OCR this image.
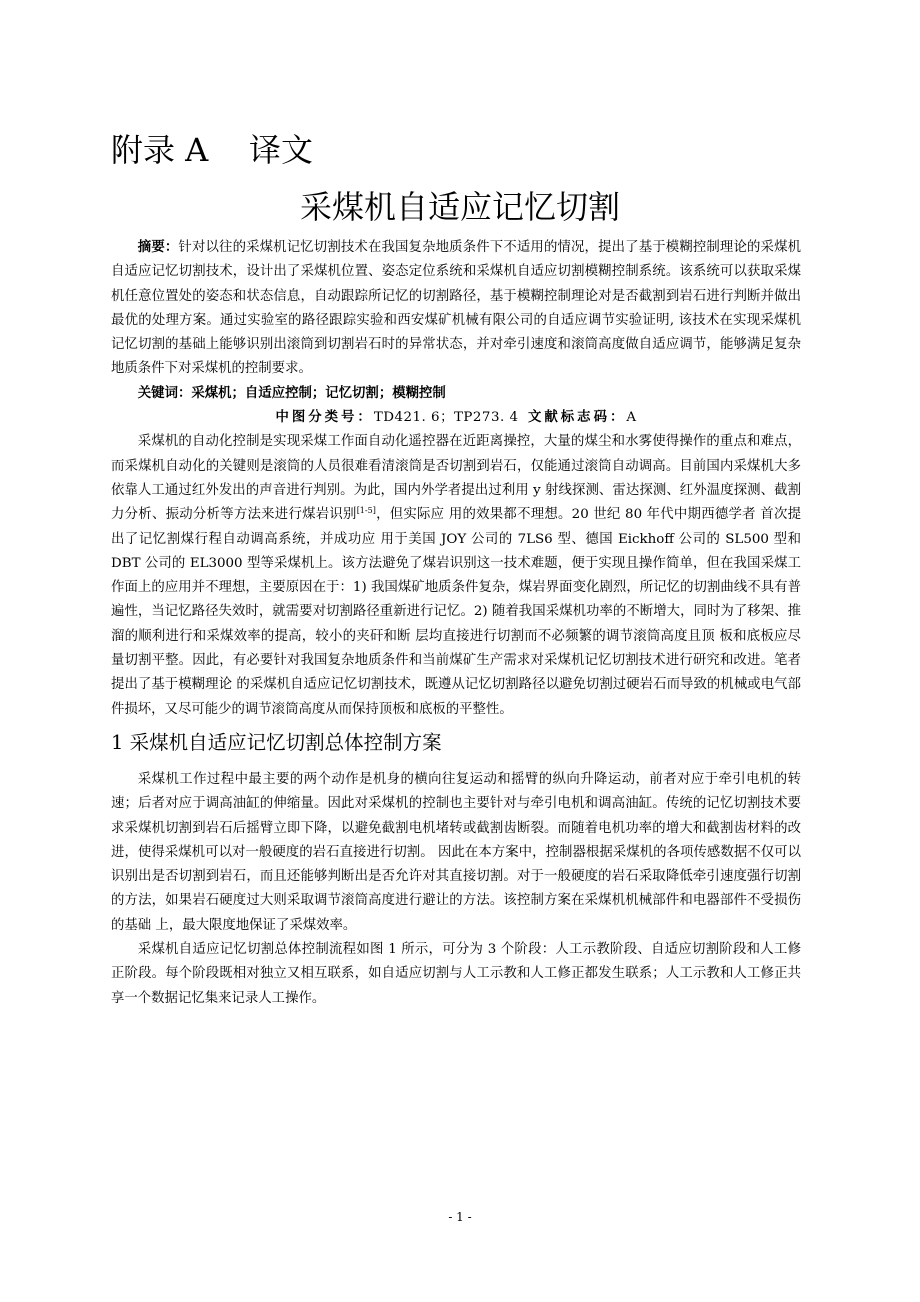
附录 A    译文
采煤机自适应记忆切割

摘要：针对以往的采煤机记忆切割技术在我国复杂地质条件下不适用的情况，提出了基于模糊控制理论的采煤机自适应记忆切割技术，设计出了采煤机位置、姿态定位系统和采煤机自适应切割模糊控制系统。该系统可以获取采煤机任意位置处的姿态和状态信息，自动跟踪所记忆的切割路径，基于模糊控制理论对是否截割到岩石进行判断并做出最优的处理方案。通过实验室的路径跟踪实验和西安煤矿机械有限公司的自适应调节实验证明, 该技术在实现采煤机记忆切割的基础上能够识别出滚筒到切割岩石时的异常状态，并对牵引速度和滚筒高度做自适应调节，能够满足复杂地质条件下对采煤机的控制要求。

关键词：采煤机；自适应控制；记忆切割；模糊控制

中图分类号：TD421. 6；TP273. 4 文献标志码：A

采煤机的自动化控制是实现采煤工作面自动化遥控器在近距离操控，大量的煤尘和水雾使得操作的重点和难点，而采煤机自动化的关键则是滚筒的人员很难看清滚筒是否切割到岩石，仅能通过滚筒自动调高。目前国内采煤机大多依靠人工通过红外发出的声音进行判别。为此，国内外学者提出过利用 y 射线探测、雷达探测、红外温度探测、截割力分析、振动分析等方法来进行煤岩识别[1-5]，但实际应 用的效果都不理想。20 世纪 80 年代中期西德学者 首次提出了记忆割煤行程自动调高系统，并成功应 用于美国 JOY 公司的 7LS6 型、德国 Eickhoff 公司的 SL500 型和 DBT 公司的 EL3000 型等采煤机上。该方法避免了煤岩识别这一技术难题，便于实现且操作简单，但在我国采煤工作面上的应用并不理想，主要原因在于：1) 我国煤矿地质条件复杂，煤岩界面变化剧烈，所记忆的切割曲线不具有普遍性，当记忆路径失效时，就需要对切割路径重新进行记忆。2) 随着我国采煤机功率的不断增大，同时为了移架、推溜的顺利进行和采煤效率的提高，较小的夹矸和断 层均直接进行切割而不必频繁的调节滚筒高度且顶 板和底板应尽量切割平整。因此，有必要针对我国复杂地质条件和当前煤矿生产需求对采煤机记忆切割技术进行研究和改进。笔者提出了基于模糊理论 的采煤机自适应记忆切割技术，既遵从记忆切割路径以避免切割过硬岩石而导致的机械或电气部件损坏，又尽可能少的调节滚筒高度从而保持顶板和底板的平整性。

1 采煤机自适应记忆切割总体控制方案

采煤机工作过程中最主要的两个动作是机身的横向往复运动和摇臂的纵向升降运动，前者对应于牵引电机的转速；后者对应于调高油缸的伸缩量。因此对采煤机的控制也主要针对与牵引电机和调高油缸。传统的记忆切割技术要求采煤机切割到岩石后摇臂立即下降，以避免截割电机堵转或截割齿断裂。而随着电机功率的增大和截割齿材料的改进，使得采煤机可以对一般硬度的岩石直接进行切割。 因此在本方案中，控制器根据采煤机的各项传感数据不仅可以识别出是否切割到岩石，而且还能够判断出是否允许对其直接切割。对于一般硬度的岩石采取降低牵引速度强行切割的方法，如果岩石硬度过大则采取调节滚筒高度进行避让的方法。该控制方案在采煤机机械部件和电器部件不受损伤的基础 上，最大限度地保证了采煤效率。

采煤机自适应记忆切割总体控制流程如图 1 所示，可分为 3 个阶段：人工示教阶段、自适应切割阶段和人工修正阶段。每个阶段既相对独立又相互联系，如自适应切割与人工示教和人工修正都发生联系；人工示教和人工修正共享一个数据记忆集来记录人工操作。

- 1 -
